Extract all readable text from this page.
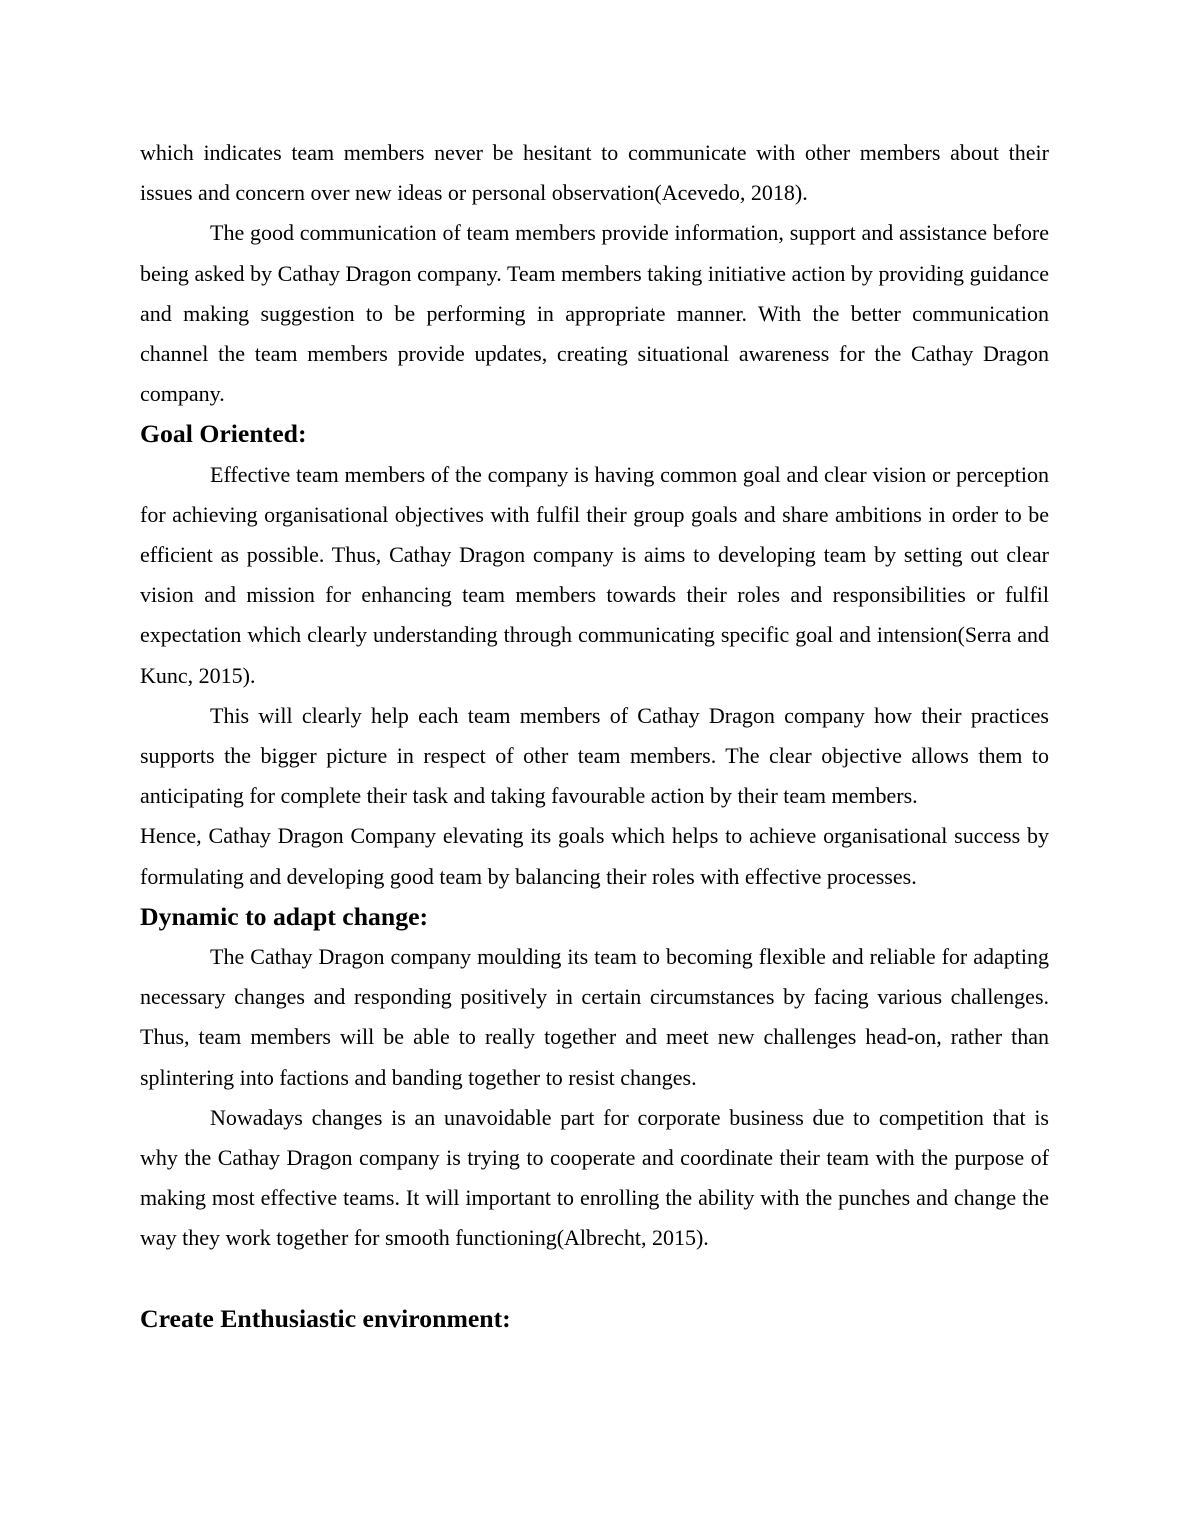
which indicates team members never be hesitant to communicate with other members about their issues and concern over new ideas or personal observation(Acevedo, 2018).

The good communication of team members provide information, support and assistance before being asked by Cathay Dragon company. Team members taking initiative action by providing guidance and making suggestion to be performing in appropriate manner. With the better communication channel the team members provide updates, creating situational awareness for the Cathay Dragon company.

Goal Oriented:

Effective team members of the company is having common goal and clear vision or perception for achieving organisational objectives with fulfil their group goals and share ambitions in order to be efficient as possible. Thus, Cathay Dragon company is aims to developing team by setting out clear vision and mission for enhancing team members towards their roles and responsibilities or fulfil expectation which clearly understanding through communicating specific goal and intension(Serra and Kunc, 2015).

This will clearly help each team members of Cathay Dragon company how their practices supports the bigger picture in respect of other team members. The clear objective allows them to anticipating for complete their task and taking favourable action by their team members.

Hence, Cathay Dragon Company elevating its goals which helps to achieve organisational success by formulating and developing good team by balancing their roles with effective processes.

Dynamic to adapt change:

The Cathay Dragon company moulding its team to becoming flexible and reliable for adapting necessary changes and responding positively in certain circumstances by facing various challenges. Thus, team members will be able to really together and meet new challenges head-on, rather than splintering into factions and banding together to resist changes.

Nowadays changes is an unavoidable part for corporate business due to competition that is why the Cathay Dragon company is trying to cooperate and coordinate their team with the purpose of making most effective teams. It will important to enrolling the ability with the punches and change the way they work together for smooth functioning(Albrecht, 2015).

Create Enthusiastic environment:
